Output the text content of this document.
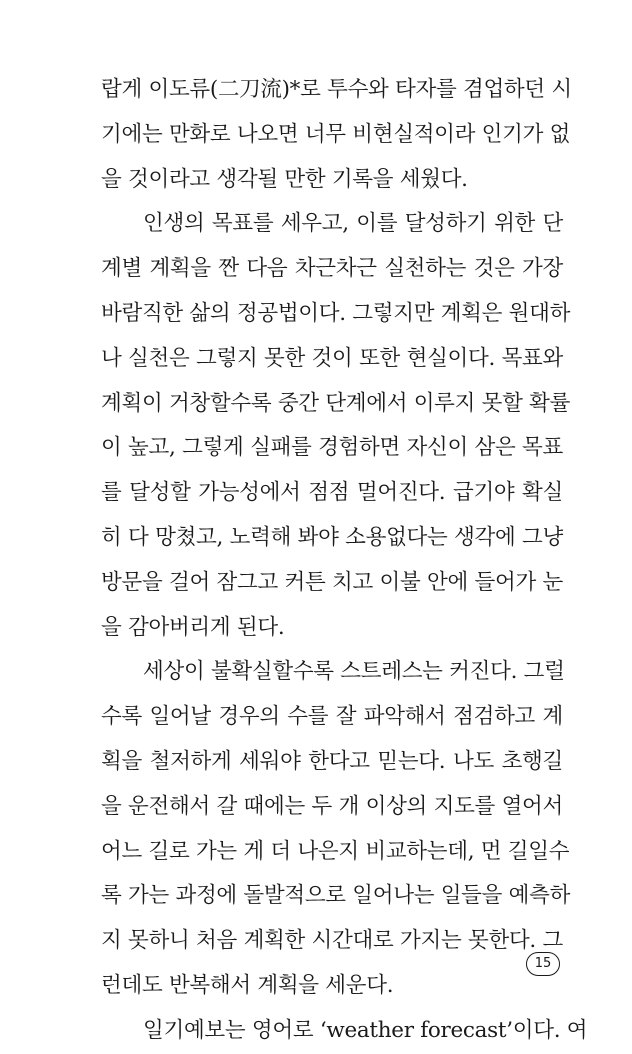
랍게 이도류(二刀流)*로 투수와 타자를 겸업하던 시
기에는 만화로 나오면 너무 비현실적이라 인기가 없
을 것이라고 생각될 만한 기록을 세웠다.
인생의 목표를 세우고, 이를 달성하기 위한 단
계별 계획을 짠 다음 차근차근 실천하는 것은 가장
바람직한 삶의 정공법이다. 그렇지만 계획은 원대하
나 실천은 그렇지 못한 것이 또한 현실이다. 목표와
계획이 거창할수록 중간 단계에서 이루지 못할 확률
이 높고, 그렇게 실패를 경험하면 자신이 삼은 목표
를 달성할 가능성에서 점점 멀어진다. 급기야 확실
히 다 망쳤고, 노력해 봐야 소용없다는 생각에 그냥
방문을 걸어 잠그고 커튼 치고 이불 안에 들어가 눈
을 감아버리게 된다.
세상이 불확실할수록 스트레스는 커진다. 그럴
수록 일어날 경우의 수를 잘 파악해서 점검하고 계
획을 철저하게 세워야 한다고 믿는다. 나도 초행길
을 운전해서 갈 때에는 두 개 이상의 지도를 열어서
어느 길로 가는 게 더 나은지 비교하는데, 먼 길일수
록 가는 과정에 돌발적으로 일어나는 일들을 예측하
지 못하니 처음 계획한 시간대로 가지는 못한다. 그
런데도 반복해서 계획을 세운다.
일기예보는 영어로 ‘weather forecast’이다. 여
15
